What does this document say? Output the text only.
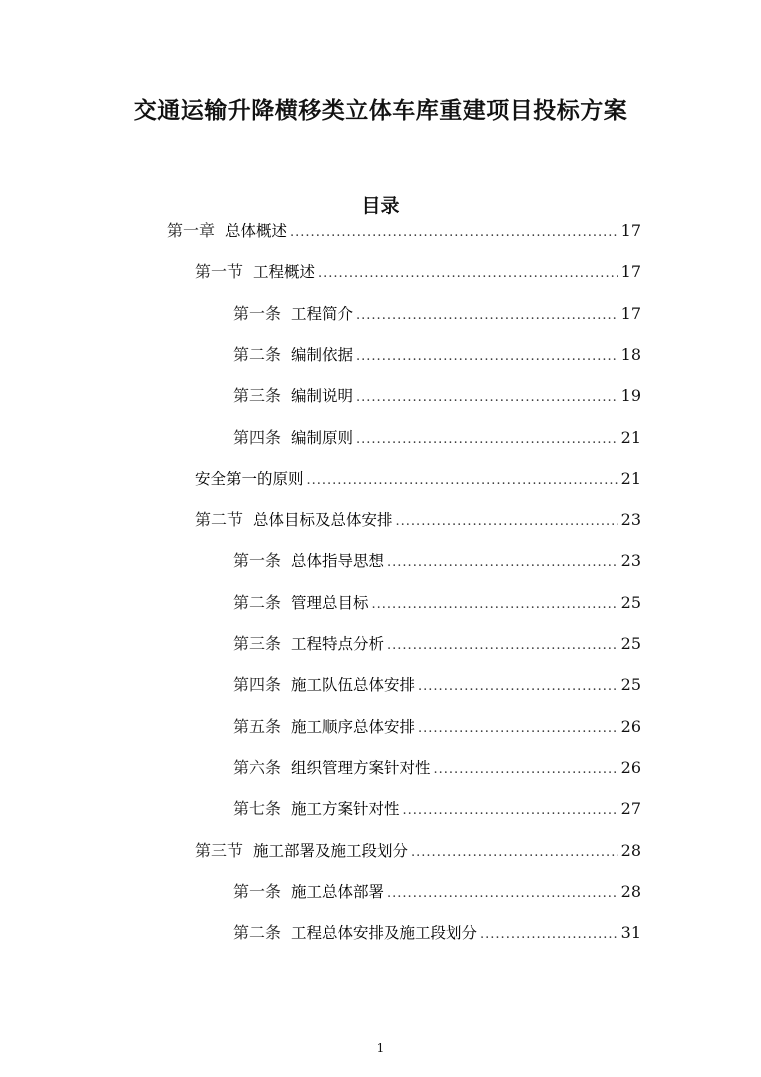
交通运输升降横移类立体车库重建项目投标方案
目录
第一章 总体概述 .....	17
第一节 工程概述 .....	17
第一条 工程简介 .....	17
第二条 编制依据 .....	18
第三条 编制说明 .....	19
第四条 编制原则 .....	21
安全第一的原则 .....	21
第二节 总体目标及总体安排 .....	23
第一条 总体指导思想 .....	23
第二条 管理总目标 .....	25
第三条 工程特点分析 .....	25
第四条 施工队伍总体安排 .....	25
第五条 施工顺序总体安排 .....	26
第六条 组织管理方案针对性 .....	26
第七条 施工方案针对性 .....	27
第三节 施工部署及施工段划分 .....	28
第一条 施工总体部署 .....	28
第二条 工程总体安排及施工段划分 .....	31
1
